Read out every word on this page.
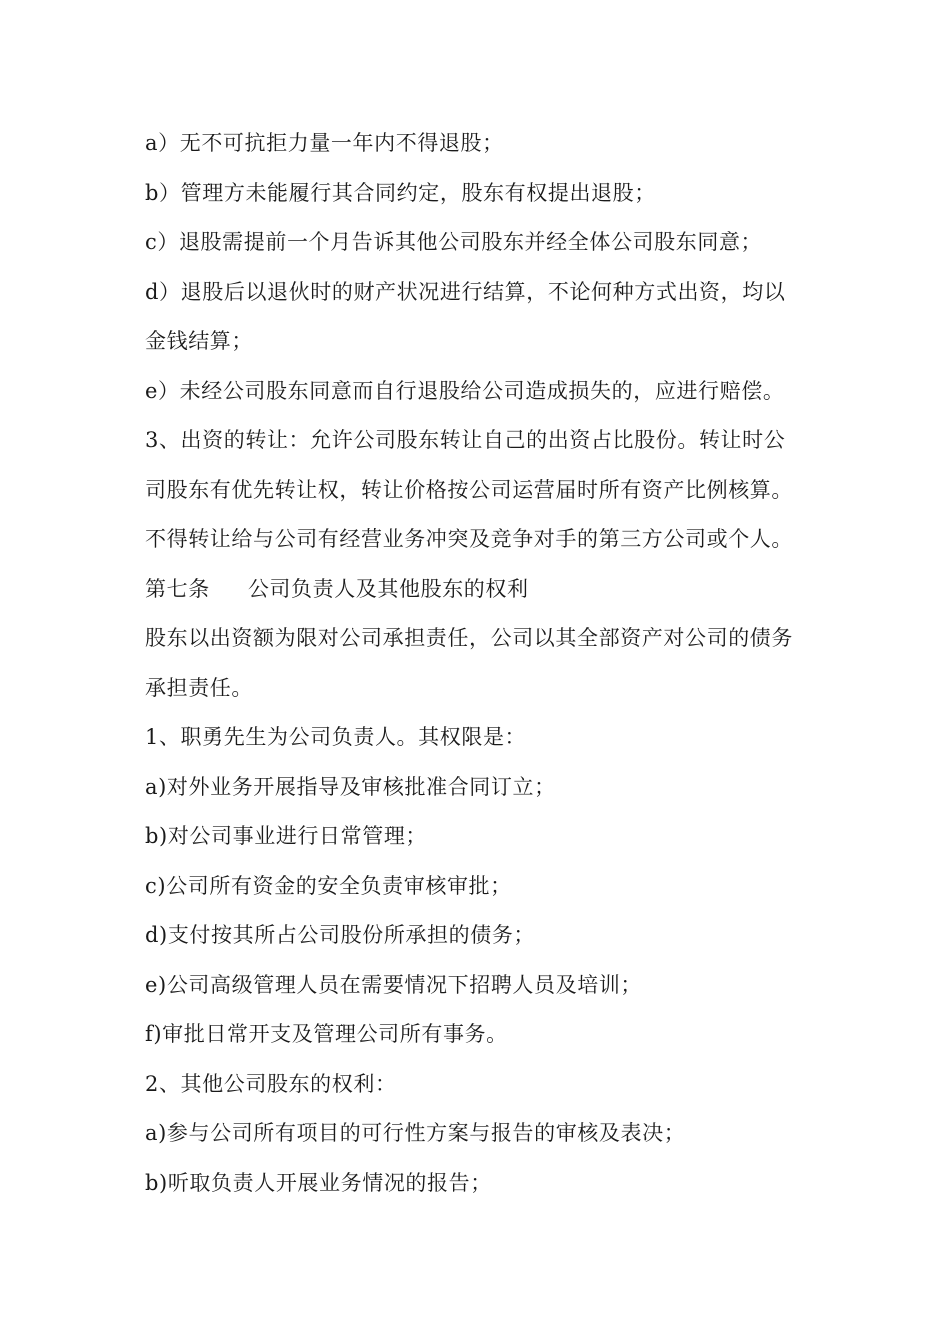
a）无不可抗拒力量一年内不得退股；
b）管理方未能履行其合同约定，股东有权提出退股；
c）退股需提前一个月告诉其他公司股东并经全体公司股东同意；
d）退股后以退伙时的财产状况进行结算，不论何种方式出资，均以
金钱结算；
e）未经公司股东同意而自行退股给公司造成损失的，应进行赔偿。
3、出资的转让：允许公司股东转让自己的出资占比股份。转让时公
司股东有优先转让权，转让价格按公司运营届时所有资产比例核算。
不得转让给与公司有经营业务冲突及竞争对手的第三方公司或个人。
第七条 公司负责人及其他股东的权利
股东以出资额为限对公司承担责任，公司以其全部资产对公司的债务
承担责任。
1、职勇先生为公司负责人。其权限是：
a)对外业务开展指导及审核批准合同订立；
b)对公司事业进行日常管理；
c)公司所有资金的安全负责审核审批；
d)支付按其所占公司股份所承担的债务；
e)公司高级管理人员在需要情况下招聘人员及培训；
f)审批日常开支及管理公司所有事务。
2、其他公司股东的权利：
a)参与公司所有项目的可行性方案与报告的审核及表决；
b)听取负责人开展业务情况的报告；
